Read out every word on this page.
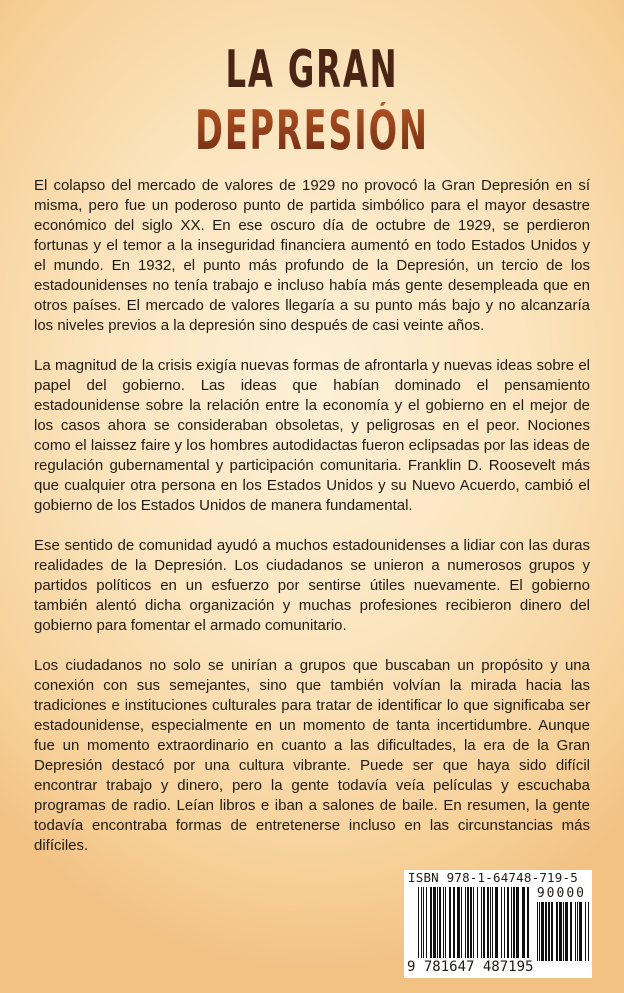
LA GRAN
DEPRESIÓN

El colapso del mercado de valores de 1929 no provocó la Gran Depresión en sí misma, pero fue un poderoso punto de partida simbólico para el mayor desastre económico del siglo XX. En ese oscuro día de octubre de 1929, se perdieron fortunas y el temor a la inseguridad financiera aumentó en todo Estados Unidos y el mundo. En 1932, el punto más profundo de la Depresión, un tercio de los estadounidenses no tenía trabajo e incluso había más gente desempleada que en otros países. El mercado de valores llegaría a su punto más bajo y no alcanzaría los niveles previos a la depresión sino después de casi veinte años.

La magnitud de la crisis exigía nuevas formas de afrontarla y nuevas ideas sobre el papel del gobierno. Las ideas que habían dominado el pensamiento estadounidense sobre la relación entre la economía y el gobierno en el mejor de los casos ahora se consideraban obsoletas, y peligrosas en el peor. Nociones como el laissez faire y los hombres autodidactas fueron eclipsadas por las ideas de regulación gubernamental y participación comunitaria. Franklin D. Roosevelt más que cualquier otra persona en los Estados Unidos y su Nuevo Acuerdo, cambió el gobierno de los Estados Unidos de manera fundamental.

Ese sentido de comunidad ayudó a muchos estadounidenses a lidiar con las duras realidades de la Depresión. Los ciudadanos se unieron a numerosos grupos y partidos políticos en un esfuerzo por sentirse útiles nuevamente. El gobierno también alentó dicha organización y muchas profesiones recibieron dinero del gobierno para fomentar el armado comunitario.

Los ciudadanos no solo se unirían a grupos que buscaban un propósito y una conexión con sus semejantes, sino que también volvían la mirada hacia las tradiciones e instituciones culturales para tratar de identificar lo que significaba ser estadounidense, especialmente en un momento de tanta incertidumbre. Aunque fue un momento extraordinario en cuanto a las dificultades, la era de la Gran Depresión destacó por una cultura vibrante. Puede ser que haya sido difícil encontrar trabajo y dinero, pero la gente todavía veía películas y escuchaba programas de radio. Leían libros e iban a salones de baile. En resumen, la gente todavía encontraba formas de entretenerse incluso en las circunstancias más difíciles.

ISBN 978-1-64748-719-5
90000
9 781647 487195
